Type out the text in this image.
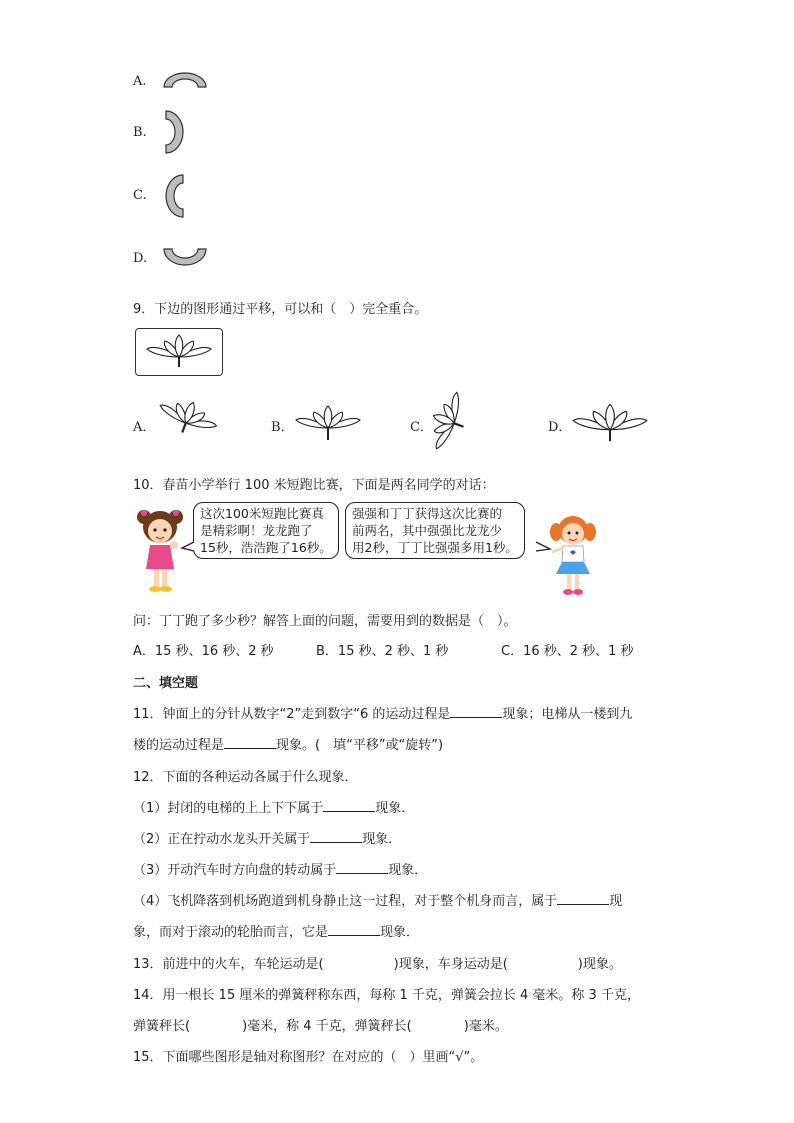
A.
B.
C.
D.
9．下边的图形通过平移，可以和（　）完全重合。
A．	B．	C．	D．
10．春苗小学举行 100 米短跑比赛，下面是两名同学的对话：
这次100米短跑比赛真
是精彩啊！龙龙跑了
15秒，浩浩跑了16秒。
强强和丁丁获得这次比赛的
前两名，其中强强比龙龙少
用2秒，丁丁比强强多用1秒。
问：丁丁跑了多少秒？解答上面的问题，需要用到的数据是（　）。
A．15 秒、16 秒、2 秒	B．15 秒、2 秒、1 秒	C．16 秒、2 秒、1 秒
二、填空题
11．钟面上的分针从数字“2”走到数字“6 的运动过程是	现象；电梯从一楼到九
楼的运动过程是	现象。(　填“平移”或“旋转”)
12．下面的各种运动各属于什么现象．
（1）封闭的电梯的上上下下属于	现象．
（2）正在拧动水龙头开关属于	现象．
（3）开动汽车时方向盘的转动属于	现象．
（4）飞机降落到机场跑道到机身静止这一过程，对于整个机身而言，属于	现
象，而对于滚动的轮胎而言，它是	现象．
13．前进中的火车，车轮运动是(	)现象，车身运动是(	)现象。
14．用一根长 15 厘米的弹簧秤称东西，每称 1 千克，弹簧会拉长 4 毫米。称 3 千克，
弹簧秤长(	)毫米，称 4 千克，弹簧秤长(	)毫米。
15．下面哪些图形是轴对称图形？在对应的（　）里画“√”。
